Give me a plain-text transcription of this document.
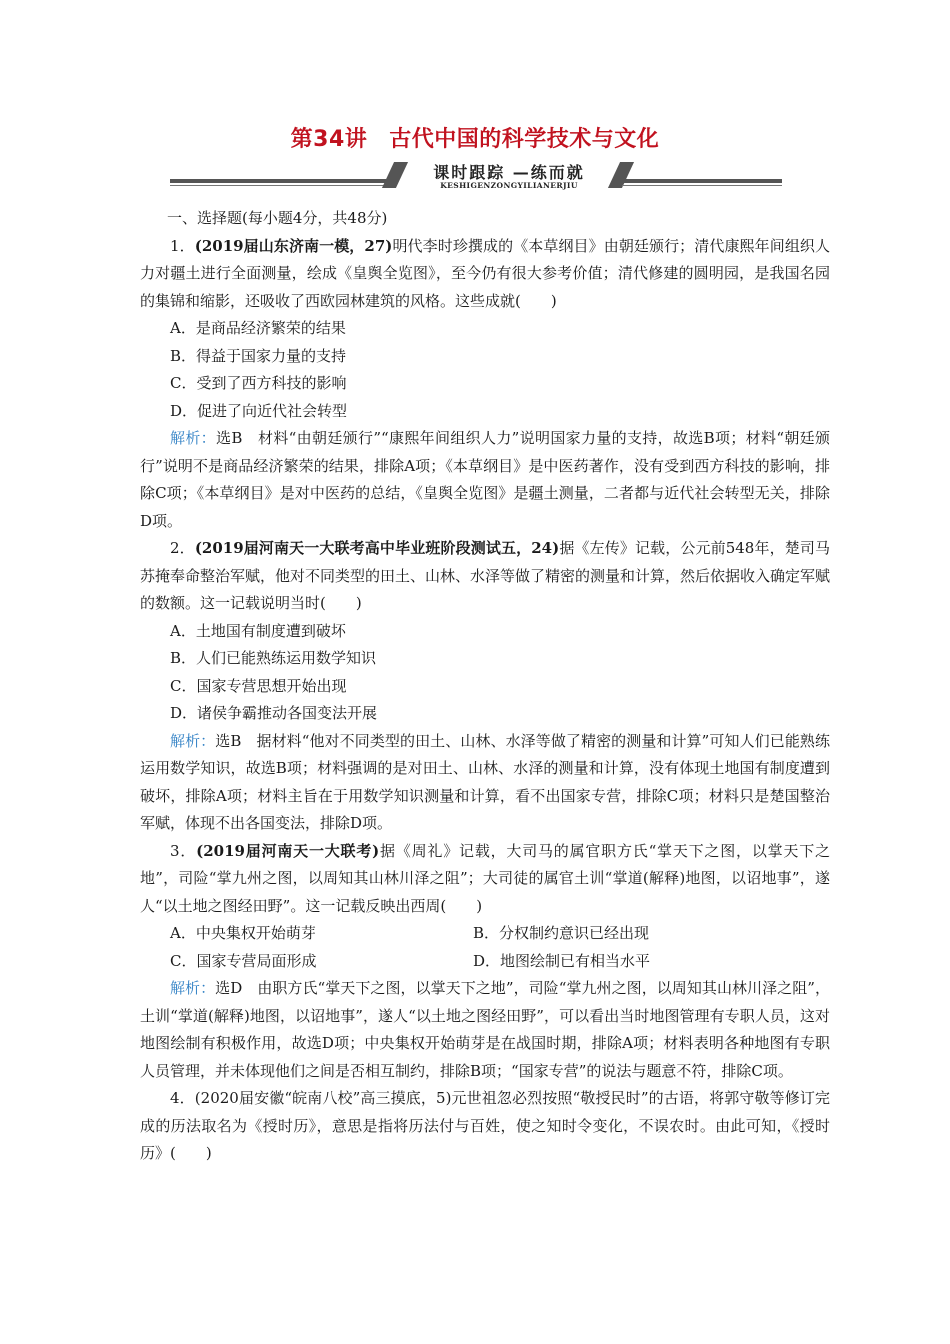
第34讲 古代中国的科学技术与文化
课时跟踪 —练而就
KESHIGENZONGYILIANERJIU

一、选择题(每小题4分，共48分)

1．(2019届山东济南一模，27)明代李时珍撰成的《本草纲目》由朝廷颁行；清代康熙年间组织人力对疆土进行全面测量，绘成《皇舆全览图》，至今仍有很大参考价值；清代修建的圆明园，是我国名园的集锦和缩影，还吸收了西欧园林建筑的风格。这些成就(　　)

A．是商品经济繁荣的结果

B．得益于国家力量的支持

C．受到了西方科技的影响

D．促进了向近代社会转型

解析：选B　材料“由朝廷颁行”“康熙年间组织人力”说明国家力量的支持，故选B项；材料“朝廷颁行”说明不是商品经济繁荣的结果，排除A项；《本草纲目》是中医药著作，没有受到西方科技的影响，排除C项；《本草纲目》是对中医药的总结，《皇舆全览图》是疆土测量，二者都与近代社会转型无关，排除D项。

2．(2019届河南天一大联考高中毕业班阶段测试五，24)据《左传》记载，公元前548年，楚司马苏掩奉命整治军赋，他对不同类型的田土、山林、水泽等做了精密的测量和计算，然后依据收入确定军赋的数额。这一记载说明当时(　　)

A．土地国有制度遭到破坏

B．人们已能熟练运用数学知识

C．国家专营思想开始出现

D．诸侯争霸推动各国变法开展

解析：选B　据材料“他对不同类型的田土、山林、水泽等做了精密的测量和计算”可知人们已能熟练运用数学知识，故选B项；材料强调的是对田土、山林、水泽的测量和计算，没有体现土地国有制度遭到破坏，排除A项；材料主旨在于用数学知识测量和计算，看不出国家专营，排除C项；材料只是楚国整治军赋，体现不出各国变法，排除D项。

3．(2019届河南天一大联考)据《周礼》记载，大司马的属官职方氏“掌天下之图，以掌天下之地”，司险“掌九州之图，以周知其山林川泽之阻”；大司徒的属官土训“掌道(解释)地图，以诏地事”，遂人“以土地之图经田野”。这一记载反映出西周(　　)

A．中央集权开始萌芽	B．分权制约意识已经出现
C．国家专营局面形成	D．地图绘制已有相当水平

解析：选D　由职方氏“掌天下之图，以掌天下之地”，司险“掌九州之图，以周知其山林川泽之阻”，土训“掌道(解释)地图，以诏地事”，遂人“以土地之图经田野”，可以看出当时地图管理有专职人员，这对地图绘制有积极作用，故选D项；中央集权开始萌芽是在战国时期，排除A项；材料表明各种地图有专职人员管理，并未体现他们之间是否相互制约，排除B项；“国家专营”的说法与题意不符，排除C项。

4．(2020届安徽“皖南八校”高三摸底，5)元世祖忽必烈按照“敬授民时”的古语，将郭守敬等修订完成的历法取名为《授时历》，意思是指将历法付与百姓，使之知时令变化，不误农时。由此可知，《授时历》(　　)
